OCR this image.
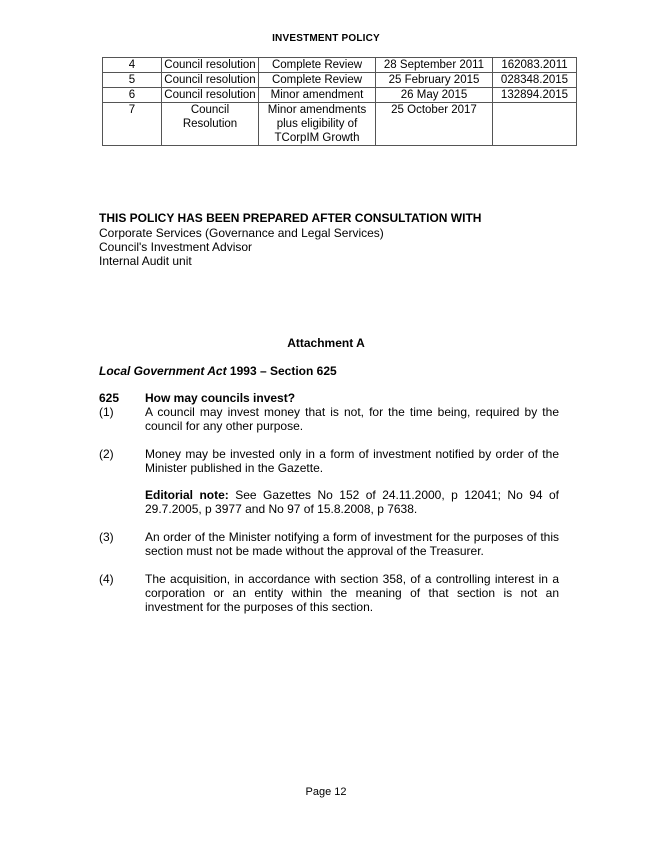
INVESTMENT POLICY
4	Council resolution	Complete Review	28 September 2011	162083.2011
5	Council resolution	Complete Review	25 February 2015	028348.2015
6	Council resolution	Minor amendment	26 May 2015	132894.2015
7	Council Resolution	Minor amendments plus eligibility of TCorpIM Growth	25 October 2017	
THIS POLICY HAS BEEN PREPARED AFTER CONSULTATION WITH
Corporate Services (Governance and Legal Services)
Council's Investment Advisor
Internal Audit unit
Attachment A
Local Government Act 1993 – Section 625
625 How may councils invest?
(1)	A council may invest money that is not, for the time being, required by the council for any other purpose.
(2)	Money may be invested only in a form of investment notified by order of the Minister published in the Gazette.
Editorial note: See Gazettes No 152 of 24.11.2000, p 12041; No 94 of 29.7.2005, p 3977 and No 97 of 15.8.2008, p 7638.
(3)	An order of the Minister notifying a form of investment for the purposes of this section must not be made without the approval of the Treasurer.
(4)	The acquisition, in accordance with section 358, of a controlling interest in a corporation or an entity within the meaning of that section is not an investment for the purposes of this section.
Page 12
